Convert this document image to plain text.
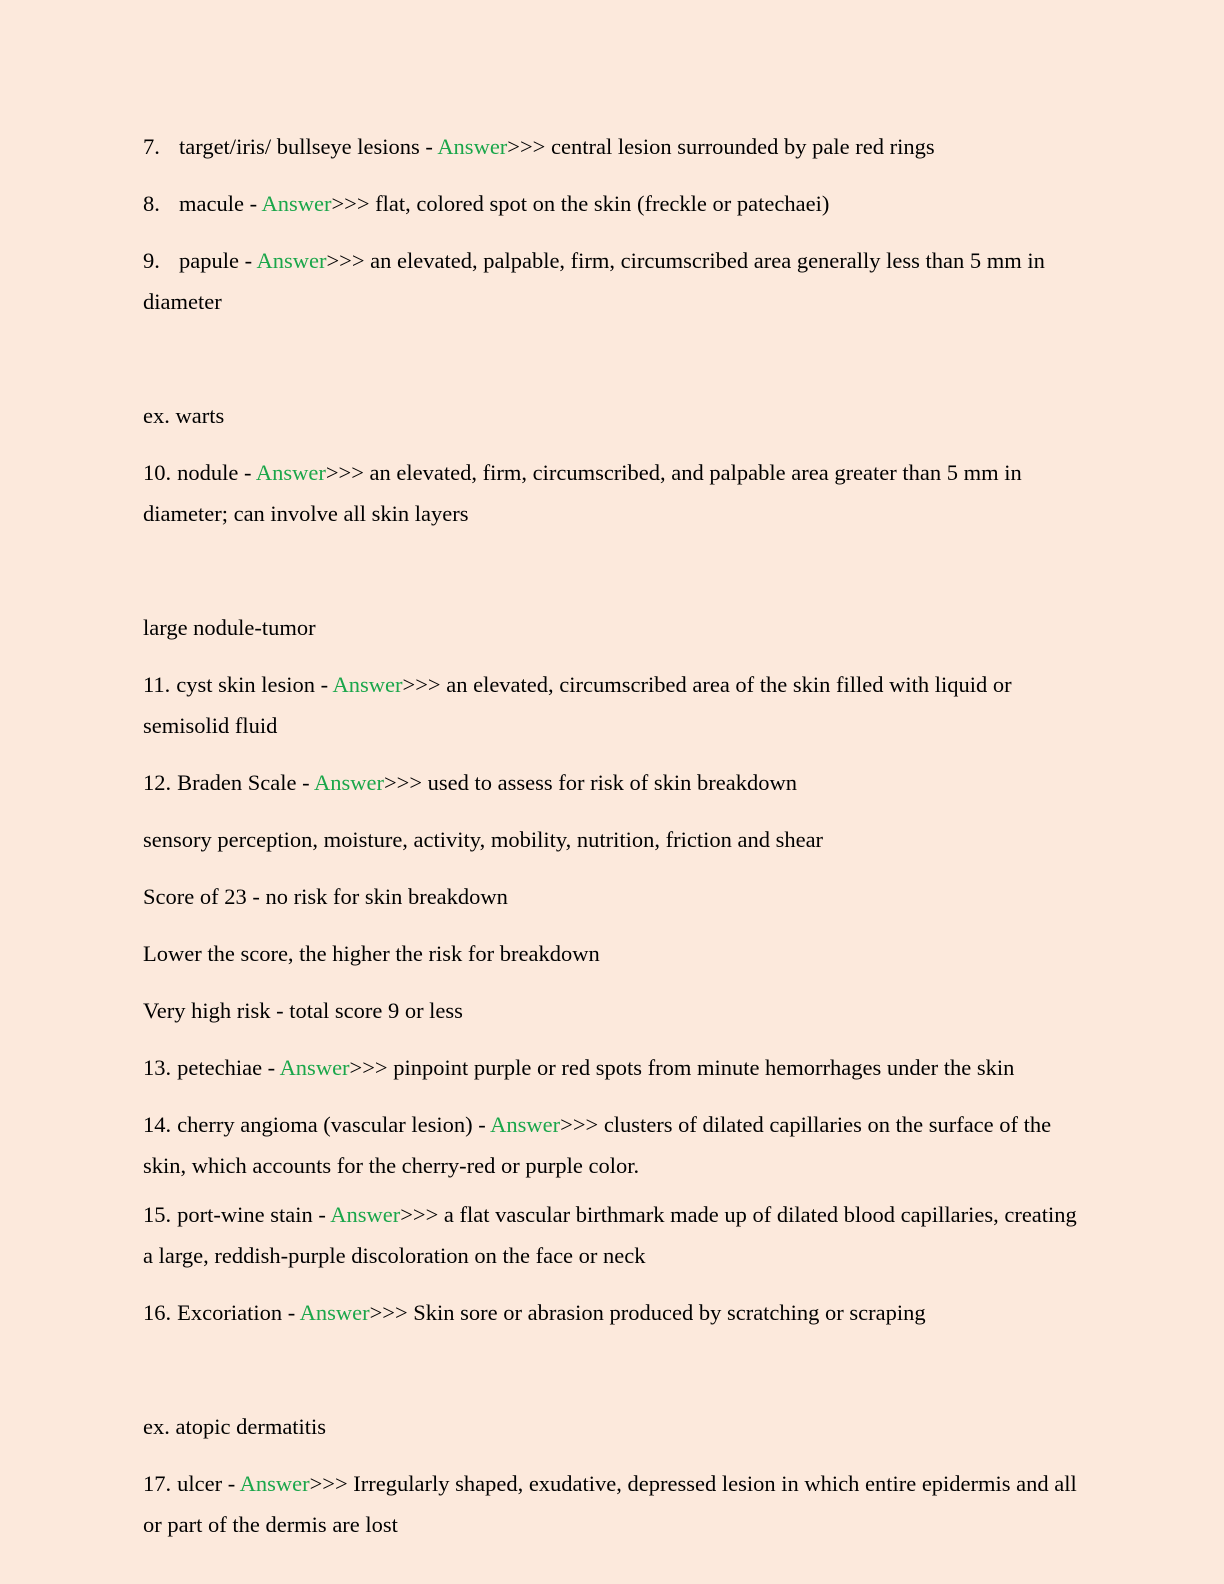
7. target/iris/ bullseye lesions - Answer>>> central lesion surrounded by pale red rings

8. macule - Answer>>> flat, colored spot on the skin (freckle or patechaei)

9. papule - Answer>>> an elevated, palpable, firm, circumscribed area generally less than 5 mm in diameter

ex. warts

10. nodule - Answer>>> an elevated, firm, circumscribed, and palpable area greater than 5 mm in diameter; can involve all skin layers

large nodule-tumor

11. cyst skin lesion - Answer>>> an elevated, circumscribed area of the skin filled with liquid or semisolid fluid

12. Braden Scale - Answer>>> used to assess for risk of skin breakdown

sensory perception, moisture, activity, mobility, nutrition, friction and shear

Score of 23 - no risk for skin breakdown

Lower the score, the higher the risk for breakdown

Very high risk - total score 9 or less

13. petechiae - Answer>>> pinpoint purple or red spots from minute hemorrhages under the skin

14. cherry angioma (vascular lesion) - Answer>>> clusters of dilated capillaries on the surface of the skin, which accounts for the cherry-red or purple color.

15. port-wine stain - Answer>>> a flat vascular birthmark made up of dilated blood capillaries, creating a large, reddish-purple discoloration on the face or neck

16. Excoriation - Answer>>> Skin sore or abrasion produced by scratching or scraping

ex. atopic dermatitis

17. ulcer - Answer>>> Irregularly shaped, exudative, depressed lesion in which entire epidermis and all or part of the dermis are lost
